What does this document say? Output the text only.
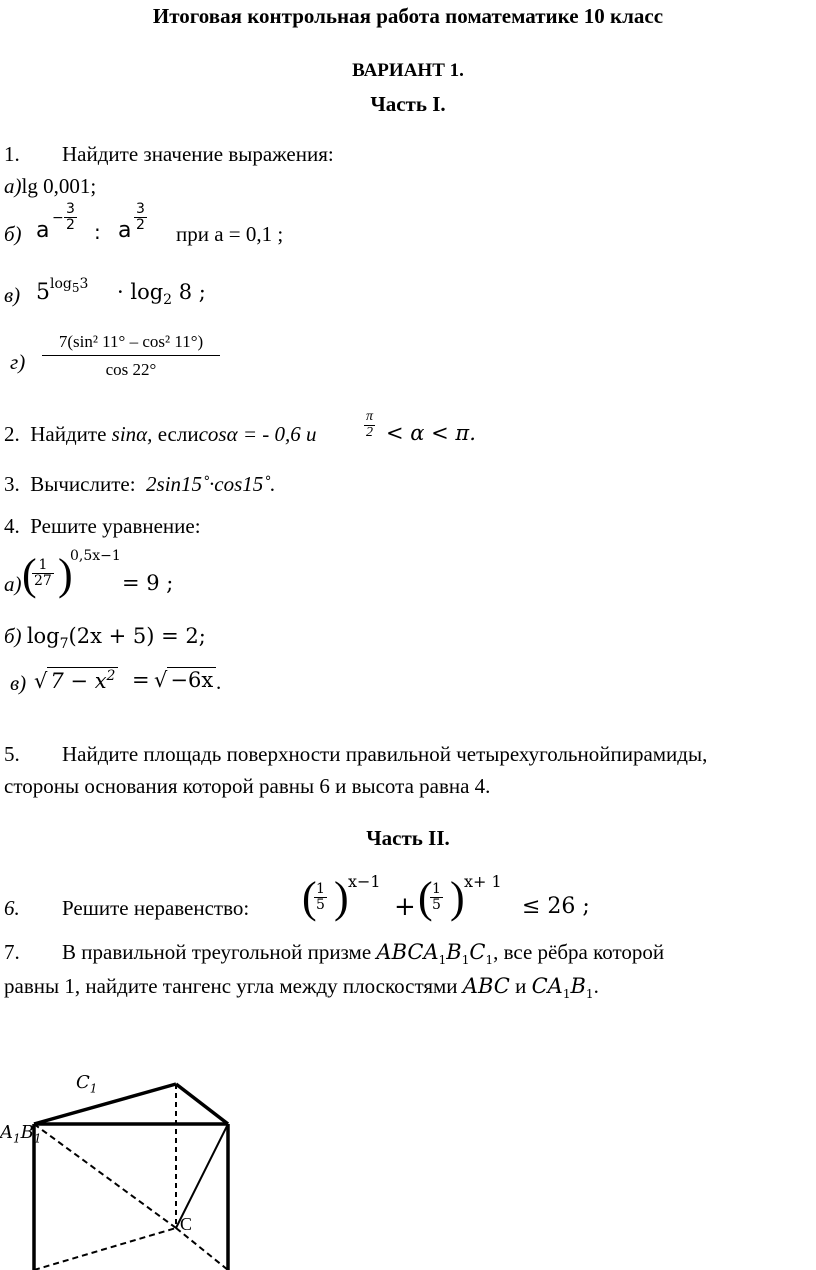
Итоговая контрольная работа поматематике 10 класс
ВАРИАНТ 1.
Часть I.
1. Найдите значение выражения:
а)lg 0,001;
б) $a - \frac{3}{2}$ : a $\frac{3}{2}$
при a = 0,1 ;
в) 5 $\log 53 \cdot \log_2 8$ ;
$г) \frac{\text{7(sin² 11° – cos² 11°)}}{\cos 22^\circ}$
2. Найдите sinα, еслиcosα = - 0,6 и	$\frac{\pi}{2} < \alpha < \pi$.
3. Вычислите: 2sin15˚·cos15˚.
4. Решите уравнение:
а) (
$\frac{1}{27}$ )
0,5x−1
= 9 ;
б) $\log_7(2x + 5) = 2$;
в) √ $7 - x^2$ = √ −6x .
5. Найдите площадь поверхности правильной четырехугольнойпирамиды,
стороны основания которой равны 6 и высота равна 4.
Часть II.
6. Решите неравенство: (
$\frac{1}{5}$ ) x−1
+ (
$\frac{1}{5}$ ) x+ 1
≤ 26 ;
7. В правильной треугольной призме $ABCA_1B_1C_1$, все рёбра которой
равны 1, найдите тангенс угла между плоскостями ABC и $CA_1B_1$.
$C_1$
$A_1B_1$
C
